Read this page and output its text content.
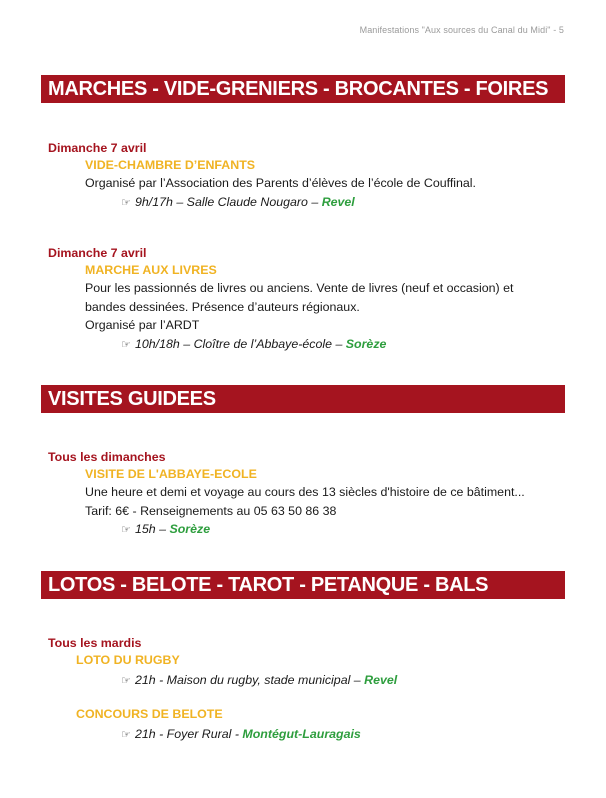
Manifestations "Aux sources du Canal du Midi" - 5
MARCHES - VIDE-GRENIERS - BROCANTES - FOIRES
Dimanche 7 avril
VIDE-CHAMBRE D’ENFANTS
Organisé par l’Association des Parents d’élèves de l’école de Couffinal.
☞ 9h/17h – Salle Claude Nougaro – Revel
Dimanche 7 avril
MARCHE AUX LIVRES
Pour les passionnés de livres ou anciens. Vente de livres (neuf et occasion) et
bandes dessinées. Présence d’auteurs régionaux.
Organisé par l’ARDT
☞ 10h/18h – Cloître de l’Abbaye-école – Sorèze
VISITES GUIDEES
Tous les dimanches
VISITE DE L'ABBAYE-ECOLE
Une heure et demi et voyage au cours des 13 siècles d'histoire de ce bâtiment...
Tarif: 6€ - Renseignements au 05 63 50 86 38
☞ 15h – Sorèze
LOTOS - BELOTE - TAROT - PETANQUE - BALS
Tous les mardis
LOTO DU RUGBY
☞ 21h - Maison du rugby, stade municipal – Revel
CONCOURS DE BELOTE
☞ 21h - Foyer Rural - Montégut-Lauragais
